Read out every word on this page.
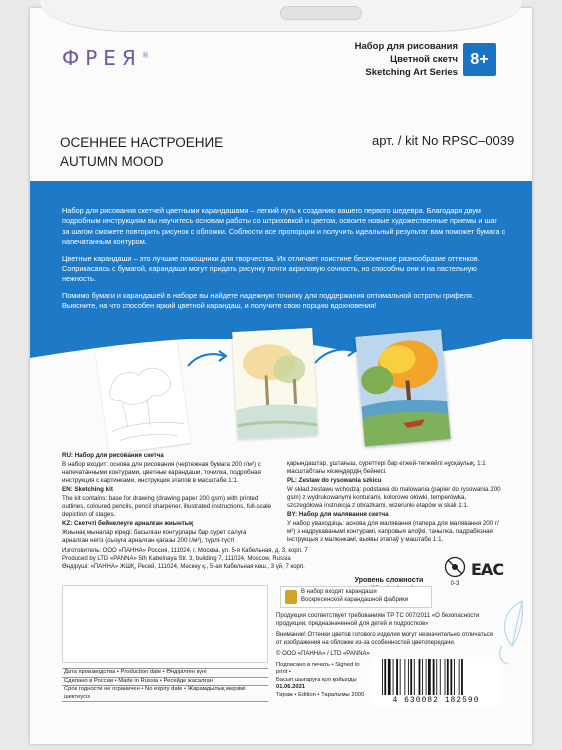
ФРЕЯ®
Набор для рисования
Цветной скетч
Sketching Art Series
8+
ОСЕННЕЕ НАСТРОЕНИЕ
AUTUMN MOOD
арт. / kit No RPSC–0039

Набор для рисования скетчей цветными карандашами – легкий путь к созданию вашего первого шедевра. Благодаря двум подробным инструкциям вы научитесь основам работы со штриховкой и цветом, освоите новые художественные приемы и шаг за шагом сможете повторить рисунок с обложки. Соблюсти все пропорции и получить идеальный результат вам поможет бумага с напечатанным контуром.

Цветные карандаши – это лучшие помощники для творчества. Их отличает поистине бесконечное разнообразие оттенков. Соприкасаясь с бумагой, карандаши могут придать рисунку почти акриловую сочность, но способны они и на пастельную нежность.

Помимо бумаги и карандашей в наборе вы найдете надежную точилку для поддержания оптимальной остроты грифеля. Выясните, на что способен яркий цветной карандаш, и получите свою порцию вдохновения!

RU: Набор для рисования скетча
В набор входит: основа для рисования (чертежная бумага 200 г/м²) с напечатанными контурами, цветные карандаши, точилка, подробная инструкция с картинками, инструкция этапов в масштабе 1:1.
EN: Sketching kit
The kit contains: base for drawing (drawing paper 200 gsm) with printed outlines, coloured pencils, pencil sharpener, illustrated instructions, full-scale depiction of stages.
KZ: Скетчті бейнелеуге арналған жиынтық
Жиынақ мыналар кіреді: басылған контурлары бар сурет салуға арналған негіз (сызуға арналған қағазы 200 г/м²), түрлі-түсті
қарындаштар, ұштағыш, суреттері бар егжей-тегжейлі нұсқаулық, 1:1 масштабтағы кезеңдердің бейнесі.
PL: Zestaw do rysowania szkicu
W skład zestawu wchodzą: podstawa do malowania (papier do rysowania 200 gsm) z wydrukowanymi konturami, kolorowe ołówki, temperówka, szczegółowa instrukcja z obrazkami, wizerunki etapów w skali 1:1.
BY: Набор для малявання скетча
У набор уваходзіць: аснова для малявання (папера для малявання 200 г/м²) з надрукаванымі контурамі, капровыя алоўкі, тачылка, падрабязная інструкцыя з малюнкамі, выявы этапаў у маштабе 1:1.
Изготовитель: ООО «ПАННА» Россия, 111024, г. Москва, ул. 5-я Кабельная, д. 3, корп. 7
Produced by LTD «PANNA» 5th Kabelnaya Str. 3, building 7, 111024, Moscow, Russia
Өндіруші: «ПАННА» ЖШҚ, Ресей, 111024, Мәскеу қ., 5-ая Кабельная көш., 3 үй, 7 корп.
Уровень сложности	0-3
EAC
Дата производства • Production date • Өндірілген күні
Сделано в России • Made in Russia • Ресейде жасалған
Срок годности не ограничен • No expiry date • Жарамдылық мерзімі шектеусіз
В набор входят карандаши
Воскресенской карандашной фабрики

Продукция соответствует требованиям ТР ТС 007/2011 «О безопасности продукции, предназначенной для детей и подростков»

Внимание! Оттенки цветов готового изделия могут незначительно отличаться от изображения на обложке из-за особенностей цветопередачи.

© ООО «ПАННА» / LTD «PANNA»

Подписано в печать • Signed to print •
Басып шығаруға қол қойылды
01.06.2021
Тираж • Edition • Таралымы 2000
4 630082 182590
